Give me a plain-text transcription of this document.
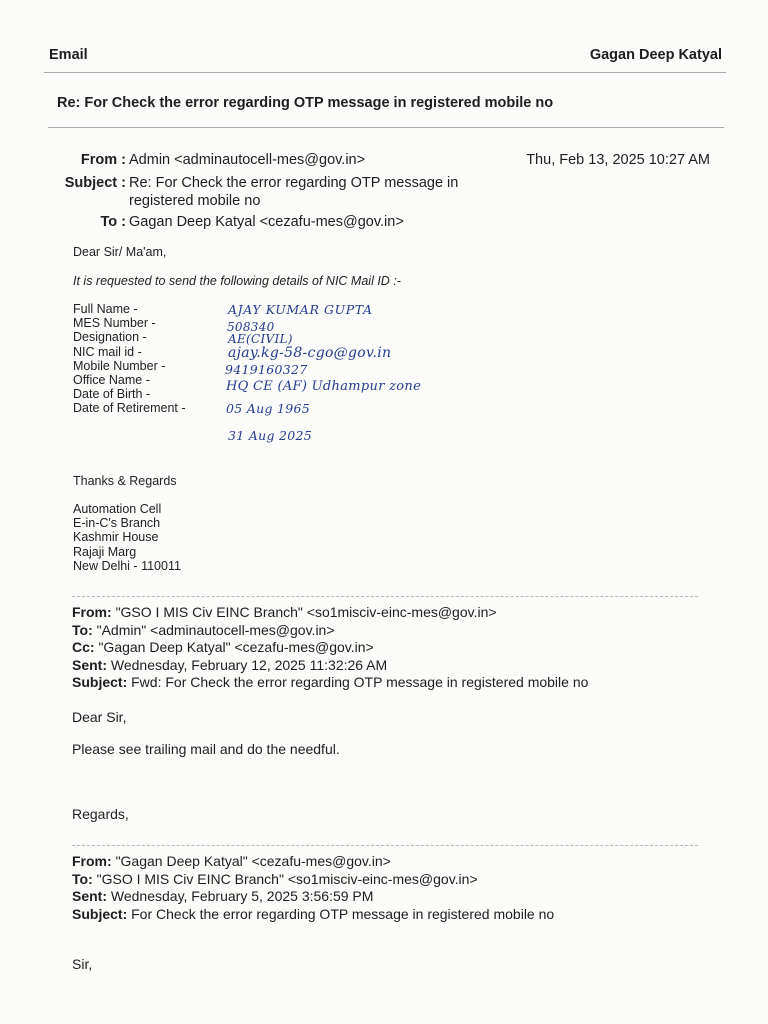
Email	Gagan Deep Katyal
Re: For Check the error regarding OTP message in registered mobile no
From : Admin <adminautocell-mes@gov.in>	Thu, Feb 13, 2025 10:27 AM
Subject : Re: For Check the error regarding OTP message in
registered mobile no
To : Gagan Deep Katyal <cezafu-mes@gov.in>
Dear Sir/ Ma'am,
It is requested to send the following details of NIC Mail ID :-
Full Name -
MES Number -
Designation -
NIC mail id -
Mobile Number -
Office Name -
Date of Birth -
Date of Retirement -
AJAY KUMAR GUPTA
508340
AE(CIVIL)
ajay.kg-58-cgo@gov.in
9419160327
HQ CE (AF) Udhampur zone
05 Aug 1965
31 Aug 2025
Thanks & Regards
Automation Cell
E-in-C's Branch
Kashmir House
Rajaji Marg
New Delhi - 110011
From: "GSO I MIS Civ EINC Branch" <so1misciv-einc-mes@gov.in>
To: "Admin" <adminautocell-mes@gov.in>
Cc: "Gagan Deep Katyal" <cezafu-mes@gov.in>
Sent: Wednesday, February 12, 2025 11:32:26 AM
Subject: Fwd: For Check the error regarding OTP message in registered mobile no
Dear Sir,
Please see trailing mail and do the needful.
Regards,
From: "Gagan Deep Katyal" <cezafu-mes@gov.in>
To: "GSO I MIS Civ EINC Branch" <so1misciv-einc-mes@gov.in>
Sent: Wednesday, February 5, 2025 3:56:59 PM
Subject: For Check the error regarding OTP message in registered mobile no
Sir,
